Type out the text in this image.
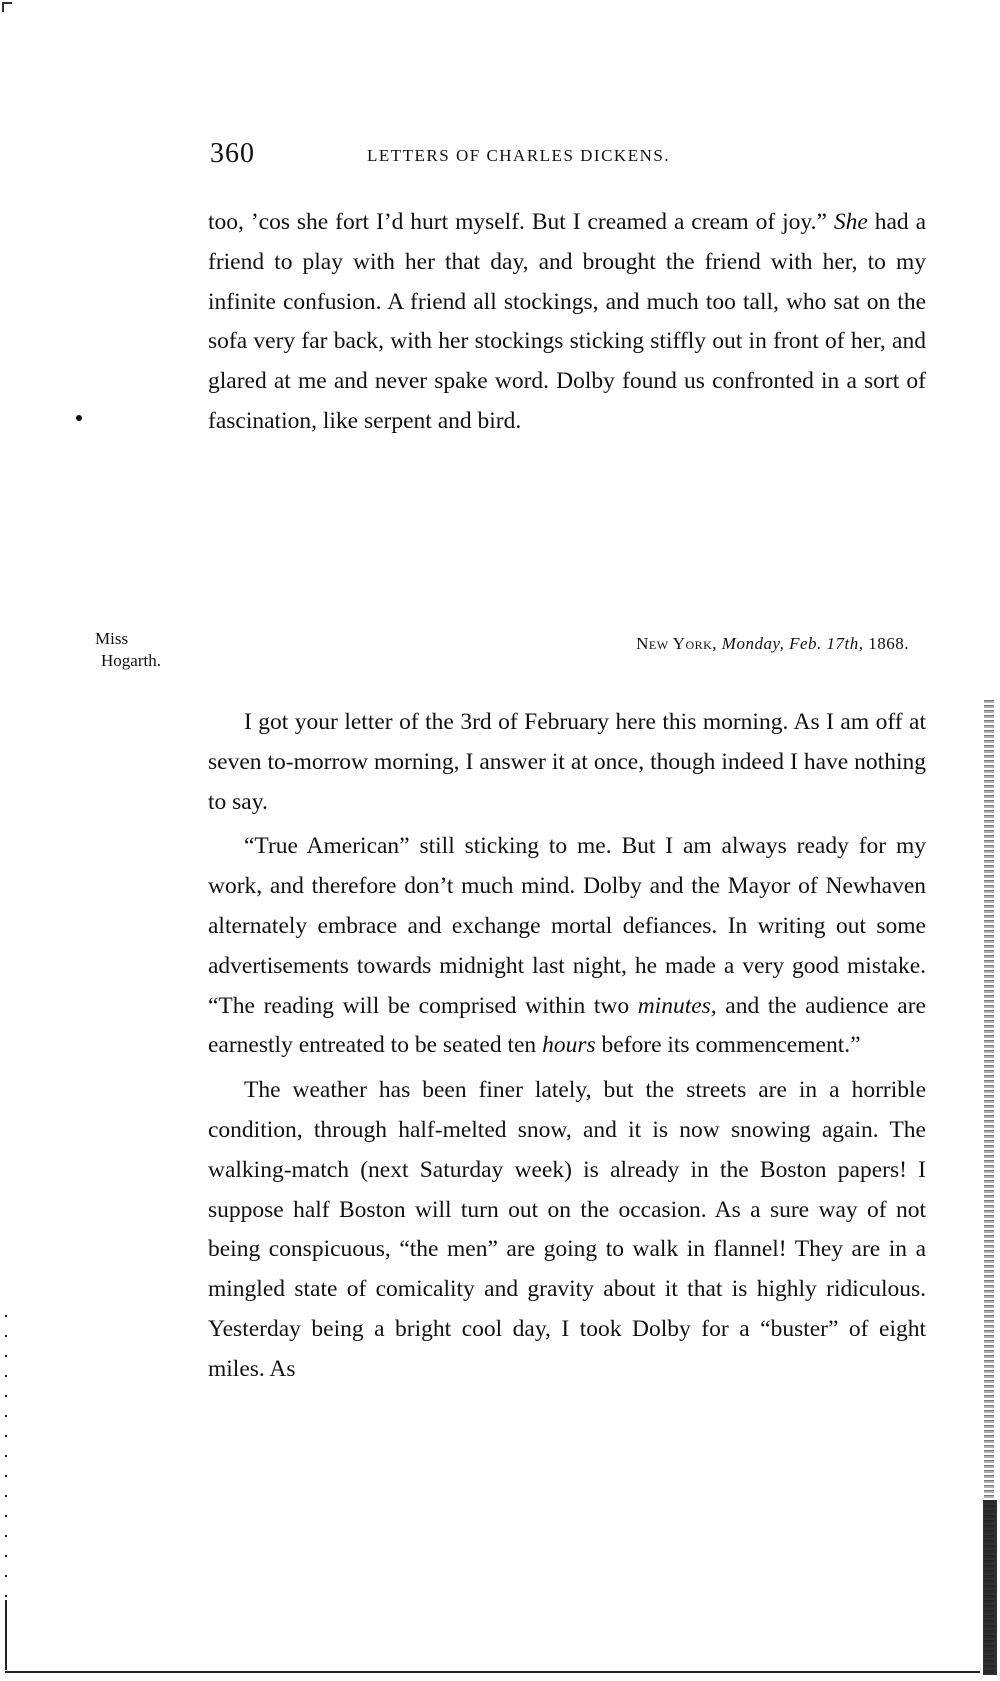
360	LETTERS OF CHARLES DICKENS.

too, ’cos she fort I’d hurt myself. But I creamed a cream of joy.” She had a friend to play with her that day, and brought the friend with her, to my infinite confusion. A friend all stockings, and much too tall, who sat on the sofa very far back, with her stockings sticking stiffly out in front of her, and glared at me and never spake word. Dolby found us confronted in a sort of fascination, like serpent and bird.

Miss
Hogarth.
New York, Monday, Feb. 17th, 1868.

I got your letter of the 3rd of February here this morning. As I am off at seven to-morrow morning, I answer it at once, though indeed I have nothing to say.

“True American” still sticking to me. But I am always ready for my work, and therefore don’t much mind. Dolby and the Mayor of Newhaven alternately embrace and exchange mortal defiances. In writing out some advertisements towards midnight last night, he made a very good mistake. “The reading will be comprised within two minutes, and the audience are earnestly entreated to be seated ten hours before its commencement.”

The weather has been finer lately, but the streets are in a horrible condition, through half-melted snow, and it is now snowing again. The walking-match (next Saturday week) is already in the Boston papers! I suppose half Boston will turn out on the occasion. As a sure way of not being conspicuous, “the men” are going to walk in flannel! They are in a mingled state of comicality and gravity about it that is highly ridiculous. Yesterday being a bright cool day, I took Dolby for a “buster” of eight miles. As
